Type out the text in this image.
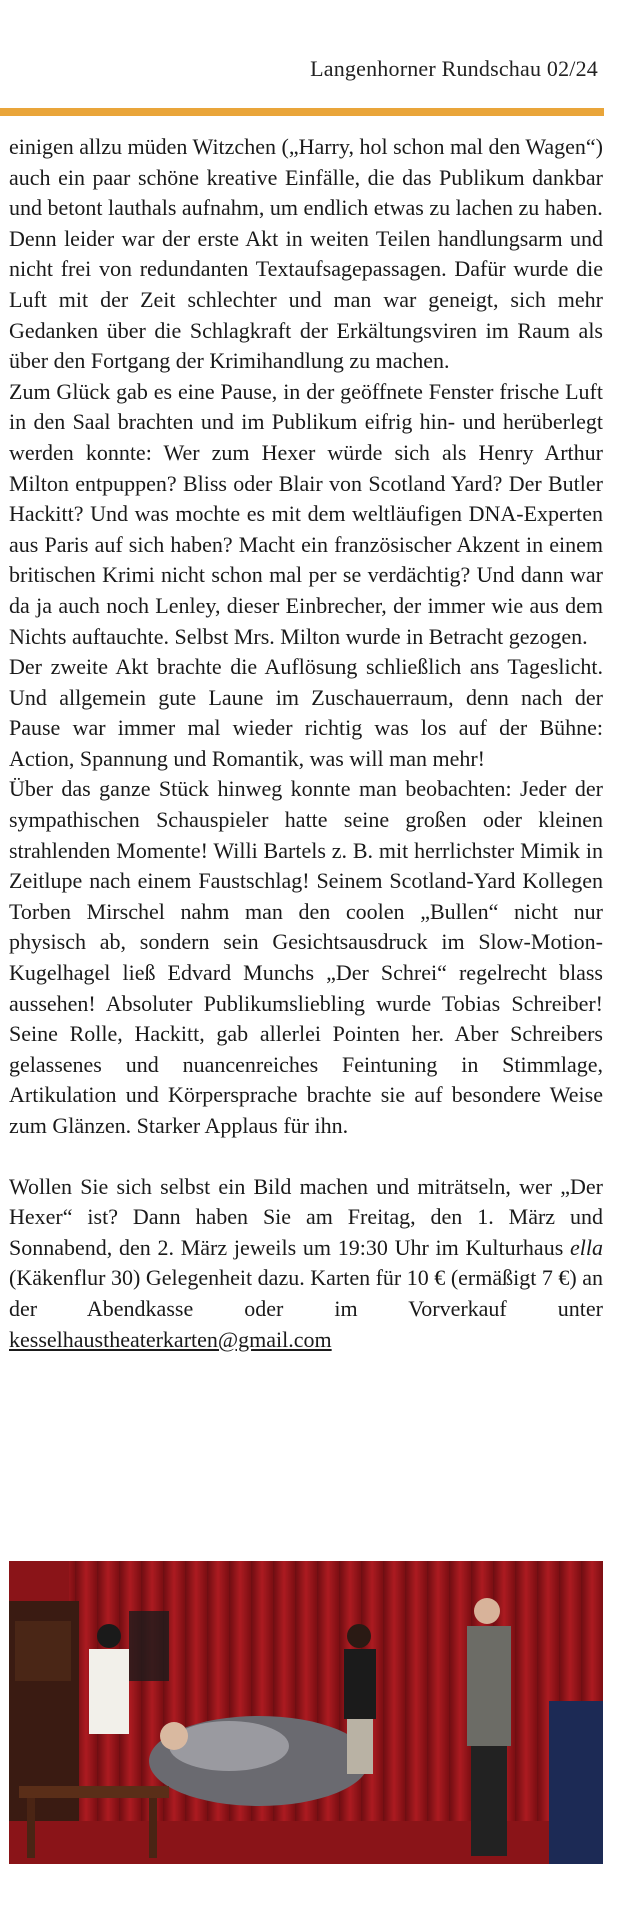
Langenhorner Rundschau 02/24

einigen allzu müden Witzchen („Harry, hol schon mal den Wagen“) auch ein paar schöne kreative Einfälle, die das Publikum dankbar und betont lauthals aufnahm, um endlich etwas zu lachen zu haben.

Denn leider war der erste Akt in weiten Teilen handlungsarm und nicht frei von redundanten Textaufsagepassagen. Dafür wurde die Luft mit der Zeit schlechter und man war geneigt, sich mehr Gedanken über die Schlagkraft der Erkältungsviren im Raum als über den Fortgang der Krimihandlung zu machen.

Zum Glück gab es eine Pause, in der geöffnete Fenster frische Luft in den Saal brachten und im Publikum eifrig hin- und herüberlegt werden konnte: Wer zum Hexer würde sich als Henry Arthur Milton entpuppen? Bliss oder Blair von Scotland Yard? Der Butler Hackitt? Und was mochte es mit dem weltläufigen DNA-Experten aus Paris auf sich haben? Macht ein französischer Akzent in einem britischen Krimi nicht schon mal per se verdächtig? Und dann war da ja auch noch Lenley, dieser Einbrecher, der immer wie aus dem Nichts auftauchte. Selbst Mrs. Milton wurde in Betracht gezogen.

Der zweite Akt brachte die Auflösung schließlich ans Tageslicht. Und allgemein gute Laune im Zuschauerraum, denn nach der Pause war immer mal wieder richtig was los auf der Bühne: Action, Spannung und Romantik, was will man mehr!

Über das ganze Stück hinweg konnte man beobachten: Jeder der sympathischen Schauspieler hatte seine großen oder kleinen strahlenden Momente! Willi Bartels z. B. mit herrlichster Mimik in Zeitlupe nach einem Faustschlag! Seinem Scotland-Yard Kollegen Torben Mirschel nahm man den coolen „Bullen“ nicht nur physisch ab, sondern sein Gesichtsausdruck im Slow-Motion-Kugelhagel ließ Edvard Munchs „Der Schrei“ regelrecht blass aussehen! Absoluter Publikumsliebling wurde Tobias Schreiber! Seine Rolle, Hackitt, gab allerlei Pointen her. Aber Schreibers gelassenes und nuancenreiches Feintuning in Stimmlage, Artikulation und Körpersprache brachte sie auf besondere Weise zum Glänzen. Starker Applaus für ihn.

Wollen Sie sich selbst ein Bild machen und miträtseln, wer „Der Hexer“ ist? Dann haben Sie am Freitag, den 1. März und Sonnabend, den 2. März jeweils um 19:30 Uhr im Kulturhaus ella (Käkenflur 30) Gelegenheit dazu. Karten für 10 € (ermäßigt 7 €) an der Abendkasse oder im Vorverkauf unter kesselhaustheaterkarten@gmail.com
